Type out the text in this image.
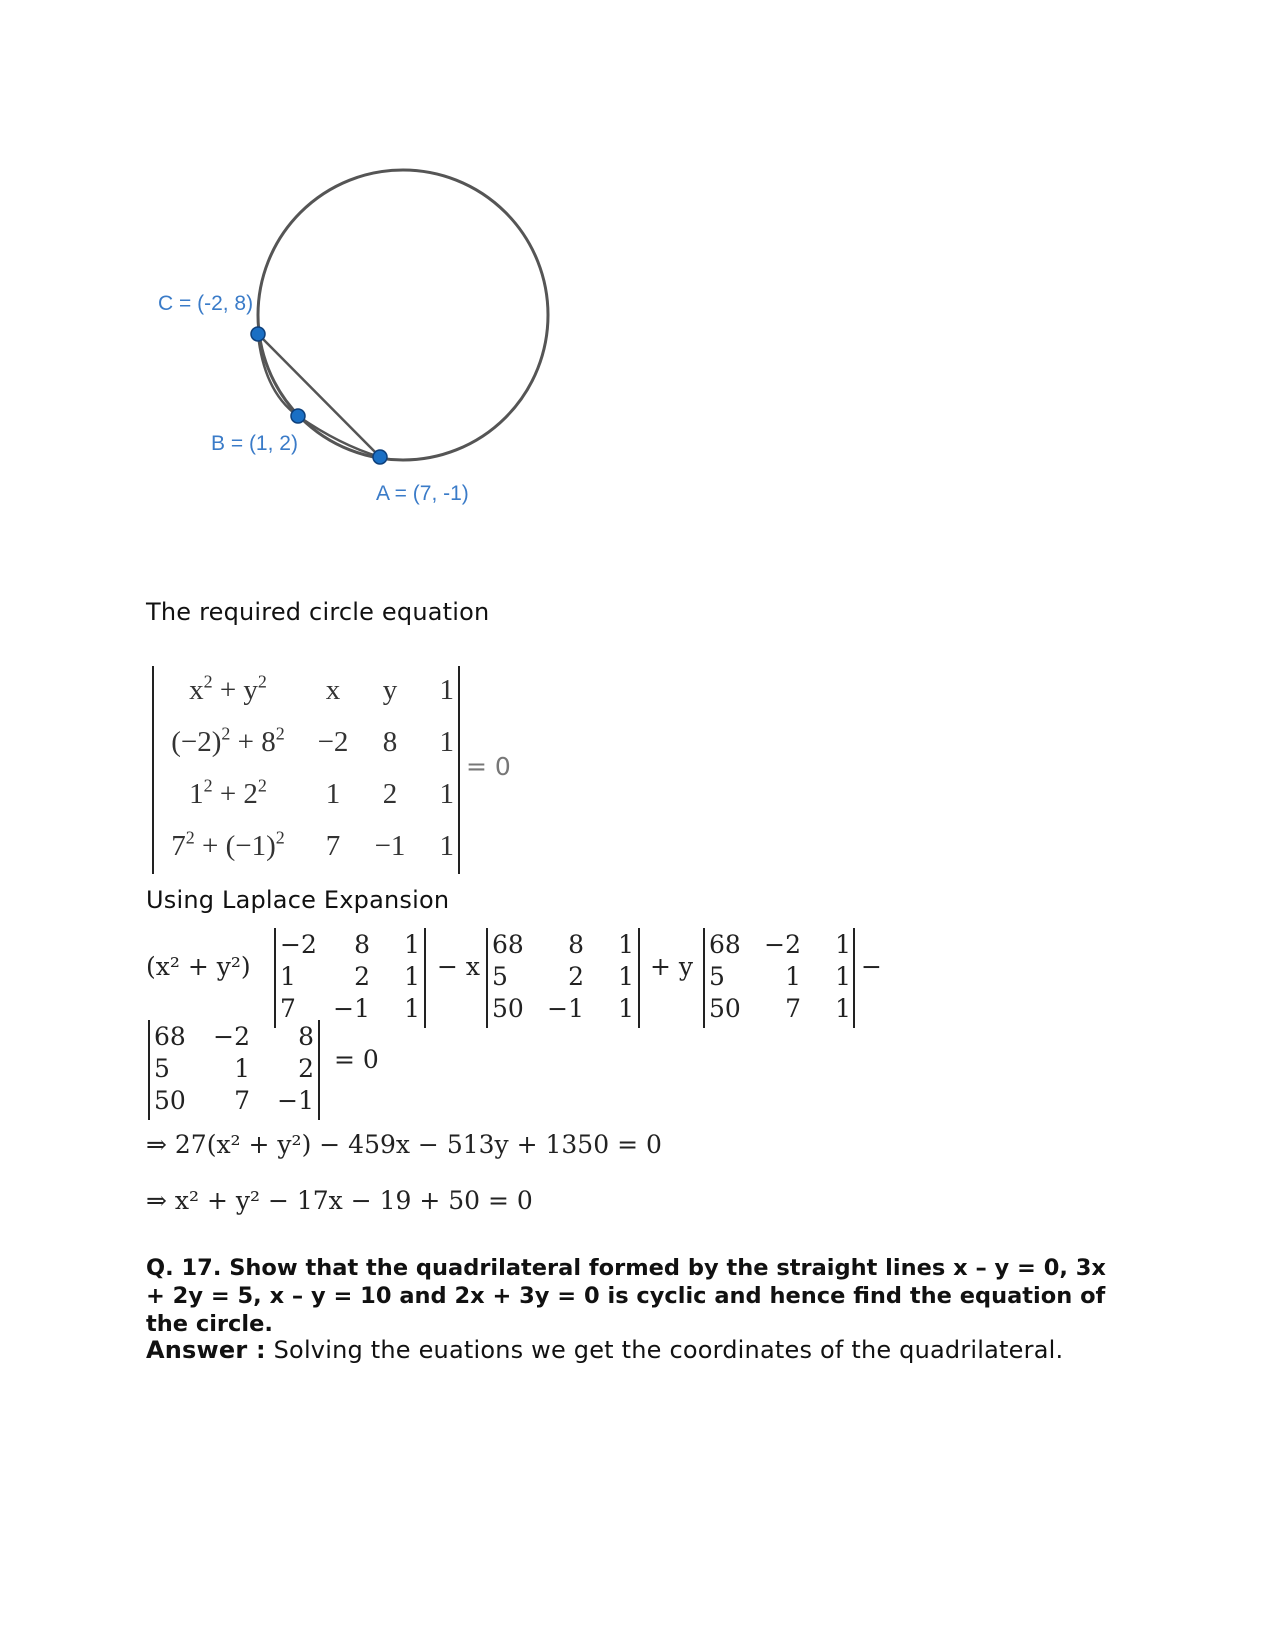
C = (-2, 8)
B = (1, 2)
A = (7, -1)
The required circle equation
$x^2 + y^2$	x	y	1
$(-2)^2 + 8^2$	−2	8	1
$1^2 + 2^2$	1	2	1
$7^2 + (-1)^2$	7	−1	1
= 0
Using Laplace Expansion
(x² + y²)
−2	8	1
1	2	1
7	−1	1
− x
68	8	1
5	2	1
50 −1	1
+ y
68 −2	1
5	1	1
50	7	1
−
68	−2	8
5	1	2
50	7	−1
= 0
⇒ 27(x² + y²) − 459x − 513y + 1350 = 0
⇒ x² + y² − 17x − 19 + 50 = 0
Q. 17. Show that the quadrilateral formed by the straight lines x – y = 0, 3x + 2y = 5, x – y = 10 and 2x + 3y = 0 is cyclic and hence find the equation of the circle.
Answer : Solving the euations we get the coordinates of the quadrilateral.
